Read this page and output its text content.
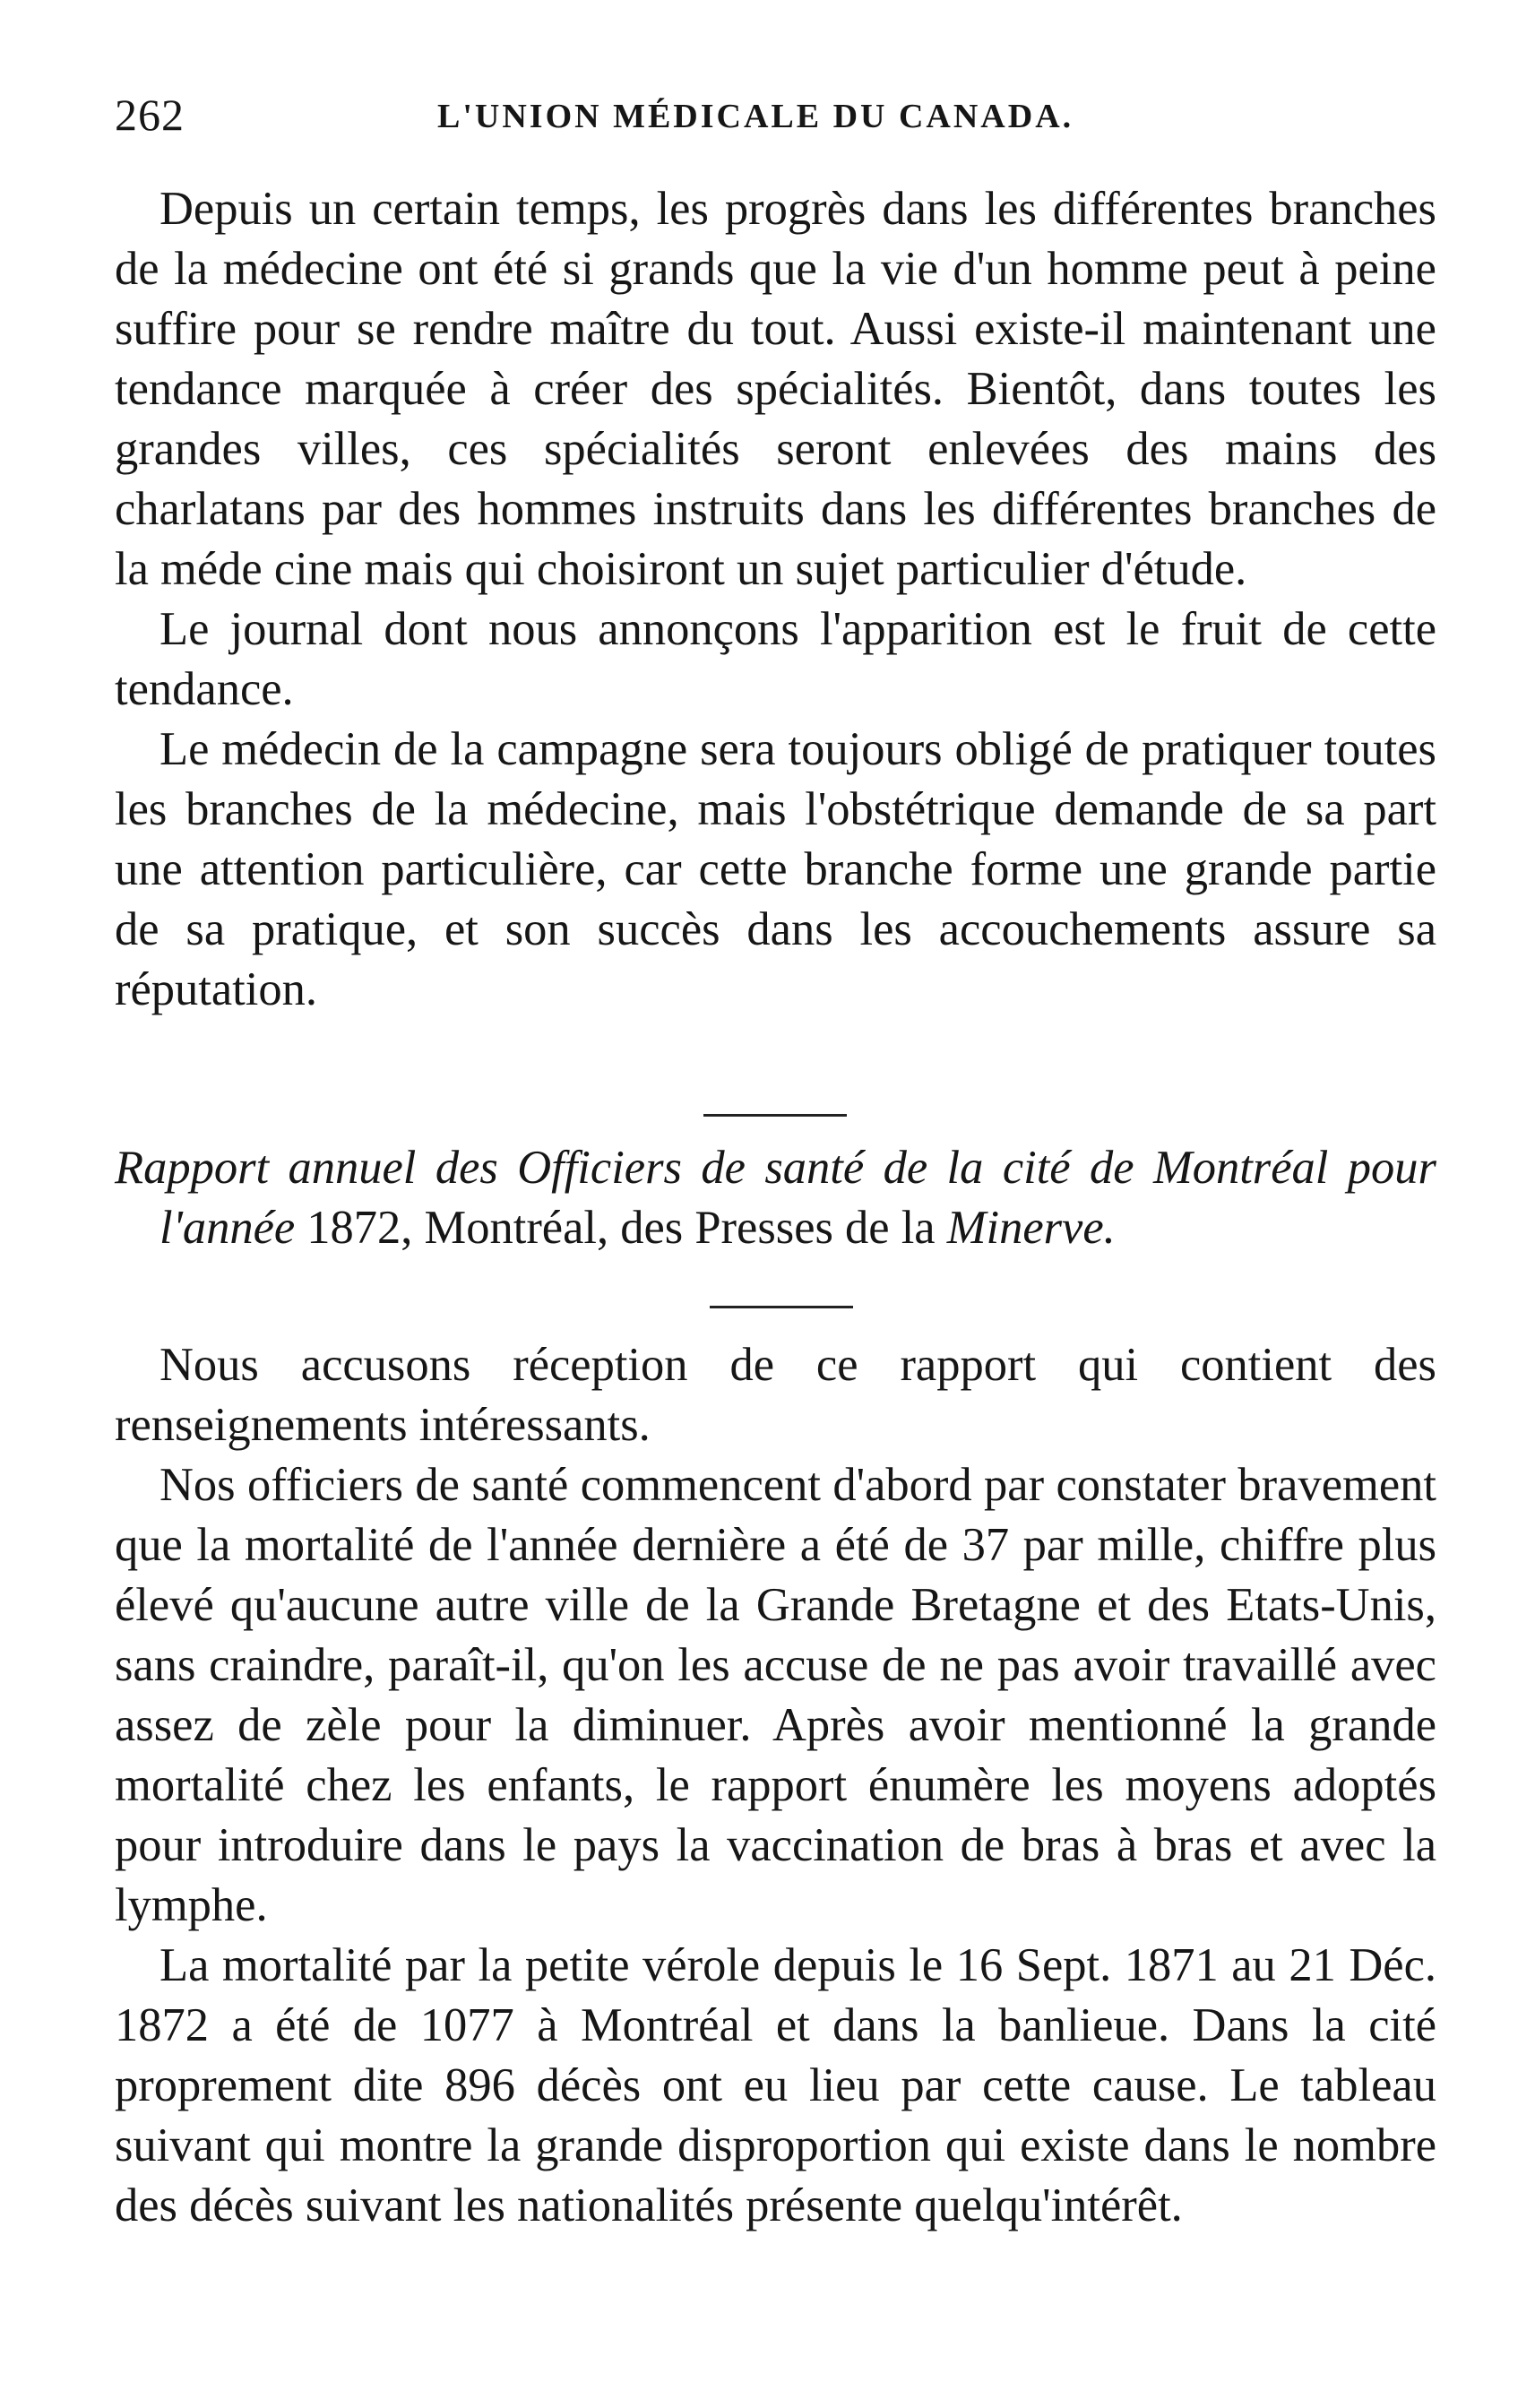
262	L'UNION MÉDICALE DU CANADA.

Depuis un certain temps, les progrès dans les différentes branches de la médecine ont été si grands que la vie d'un homme peut à peine suffire pour se rendre maître du tout. Aussi existe-il maintenant une tendance marquée à créer des spécialités. Bientôt, dans toutes les grandes villes, ces spécialités seront enlevées des mains des charlatans par des hommes instruits dans les différentes branches de la méde cine mais qui choisiront un sujet particulier d'étude.

Le journal dont nous annonçons l'apparition est le fruit de cette tendance.

Le médecin de la campagne sera toujours obligé de pratiquer toutes les branches de la médecine, mais l'obstétrique demande de sa part une attention particulière, car cette branche forme une grande partie de sa pratique, et son succès dans les accouchements assure sa réputation.

Rapport annuel des Officiers de santé de la cité de Montréal pour l'année 1872, Montréal, des Presses de la Minerve.

Nous accusons réception de ce rapport qui contient des renseignements intéressants.

Nos officiers de santé commencent d'abord par constater bravement que la mortalité de l'année dernière a été de 37 par mille, chiffre plus élevé qu'aucune autre ville de la Grande Bretagne et des Etats-Unis, sans craindre, paraît-il, qu'on les accuse de ne pas avoir travaillé avec assez de zèle pour la diminuer. Après avoir mentionné la grande mortalité chez les enfants, le rapport énumère les moyens adoptés pour introduire dans le pays la vaccination de bras à bras et avec la lymphe.

La mortalité par la petite vérole depuis le 16 Sept. 1871 au 21 Déc. 1872 a été de 1077 à Montréal et dans la banlieue. Dans la cité proprement dite 896 décès ont eu lieu par cette cause. Le tableau suivant qui montre la grande disproportion qui existe dans le nombre des décès suivant les nationalités présente quelqu'intérêt.
